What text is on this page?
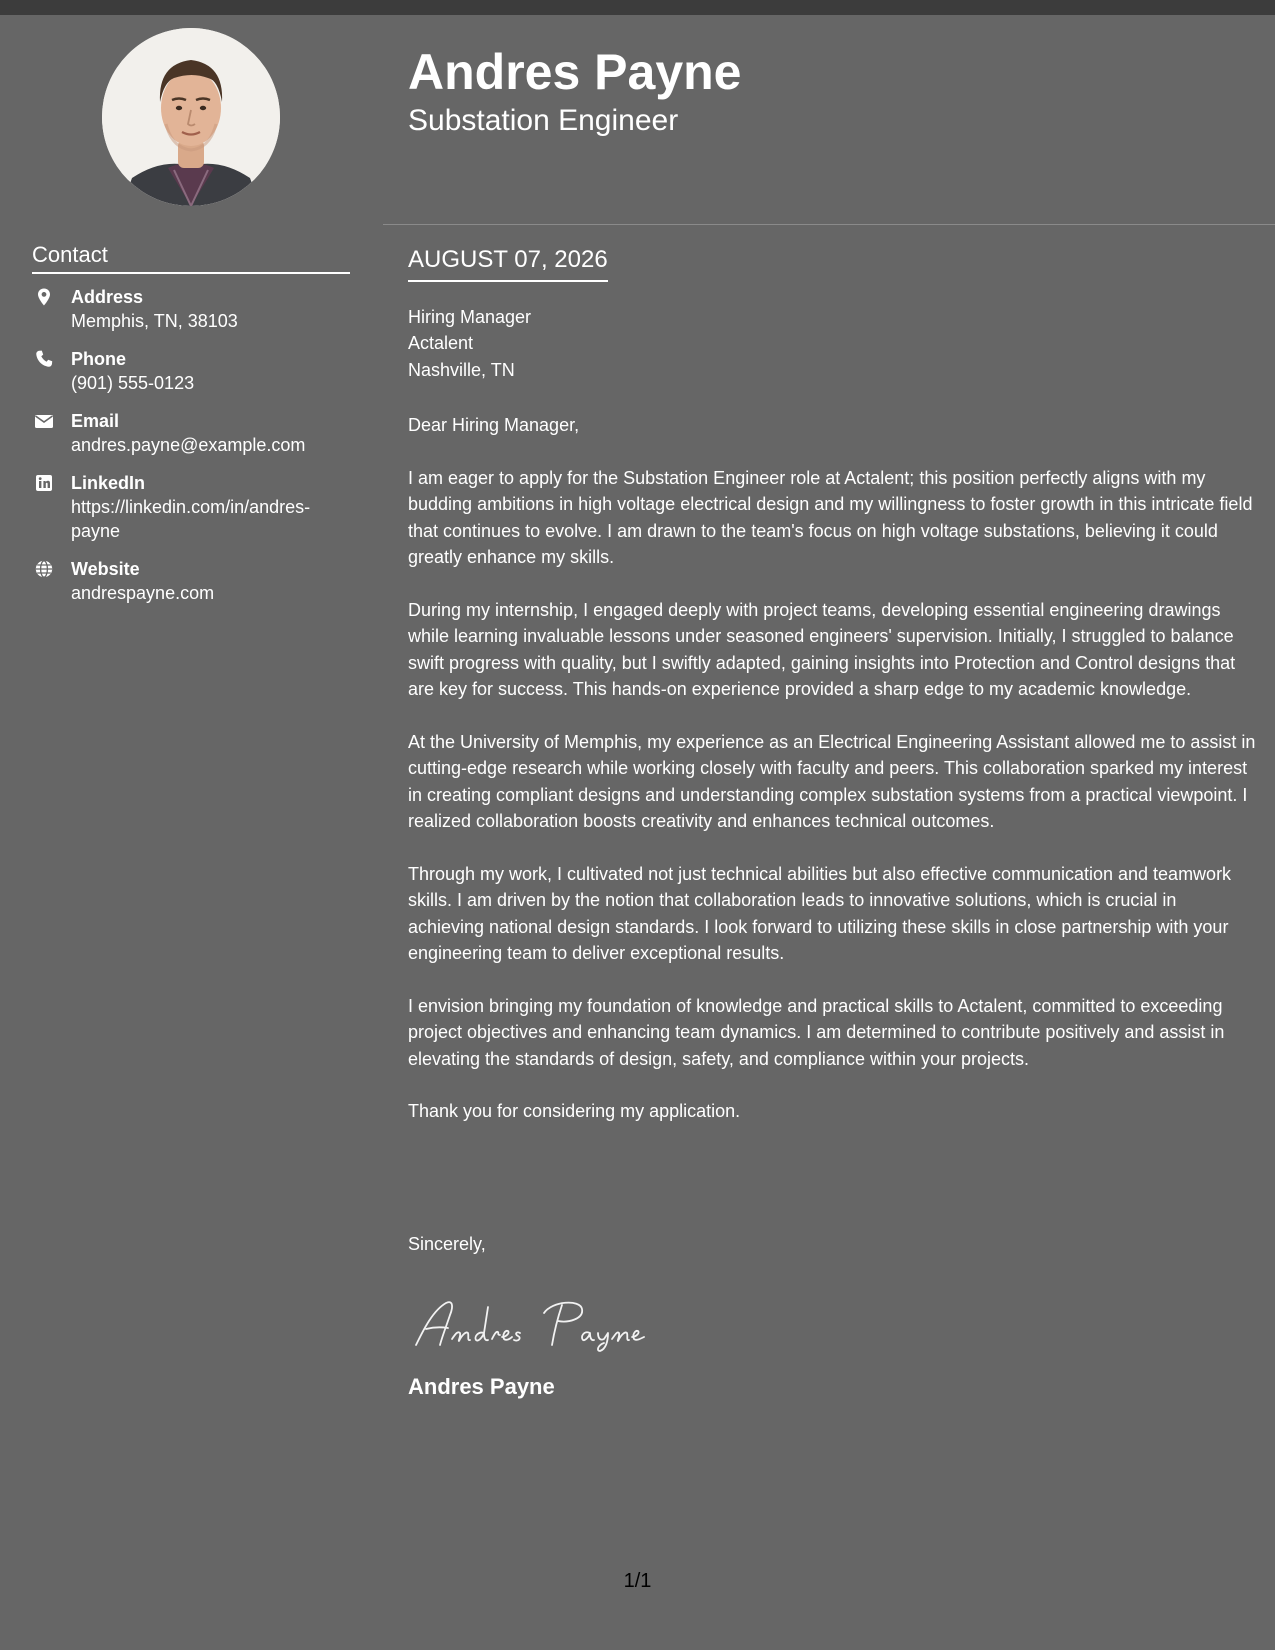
Andres Payne
Substation Engineer
Contact
Address
Memphis, TN, 38103
Phone
(901) 555-0123
Email
andres.payne@example.com
LinkedIn
https://linkedin.com/in/andres-payne
Website
andrespayne.com
AUGUST 07, 2026
Hiring Manager
Actalent
Nashville, TN

Dear Hiring Manager,

I am eager to apply for the Substation Engineer role at Actalent; this position perfectly aligns with my budding ambitions in high voltage electrical design and my willingness to foster growth in this intricate field that continues to evolve. I am drawn to the team's focus on high voltage substations, believing it could greatly enhance my skills.

During my internship, I engaged deeply with project teams, developing essential engineering drawings while learning invaluable lessons under seasoned engineers' supervision. Initially, I struggled to balance swift progress with quality, but I swiftly adapted, gaining insights into Protection and Control designs that are key for success. This hands-on experience provided a sharp edge to my academic knowledge.

At the University of Memphis, my experience as an Electrical Engineering Assistant allowed me to assist in cutting-edge research while working closely with faculty and peers. This collaboration sparked my interest in creating compliant designs and understanding complex substation systems from a practical viewpoint. I realized collaboration boosts creativity and enhances technical outcomes.

Through my work, I cultivated not just technical abilities but also effective communication and teamwork skills. I am driven by the notion that collaboration leads to innovative solutions, which is crucial in achieving national design standards. I look forward to utilizing these skills in close partnership with your engineering team to deliver exceptional results.

I envision bringing my foundation of knowledge and practical skills to Actalent, committed to exceeding project objectives and enhancing team dynamics. I am determined to contribute positively and assist in elevating the standards of design, safety, and compliance within your projects.

Thank you for considering my application.

Sincerely,
Andres Payne
1/1
